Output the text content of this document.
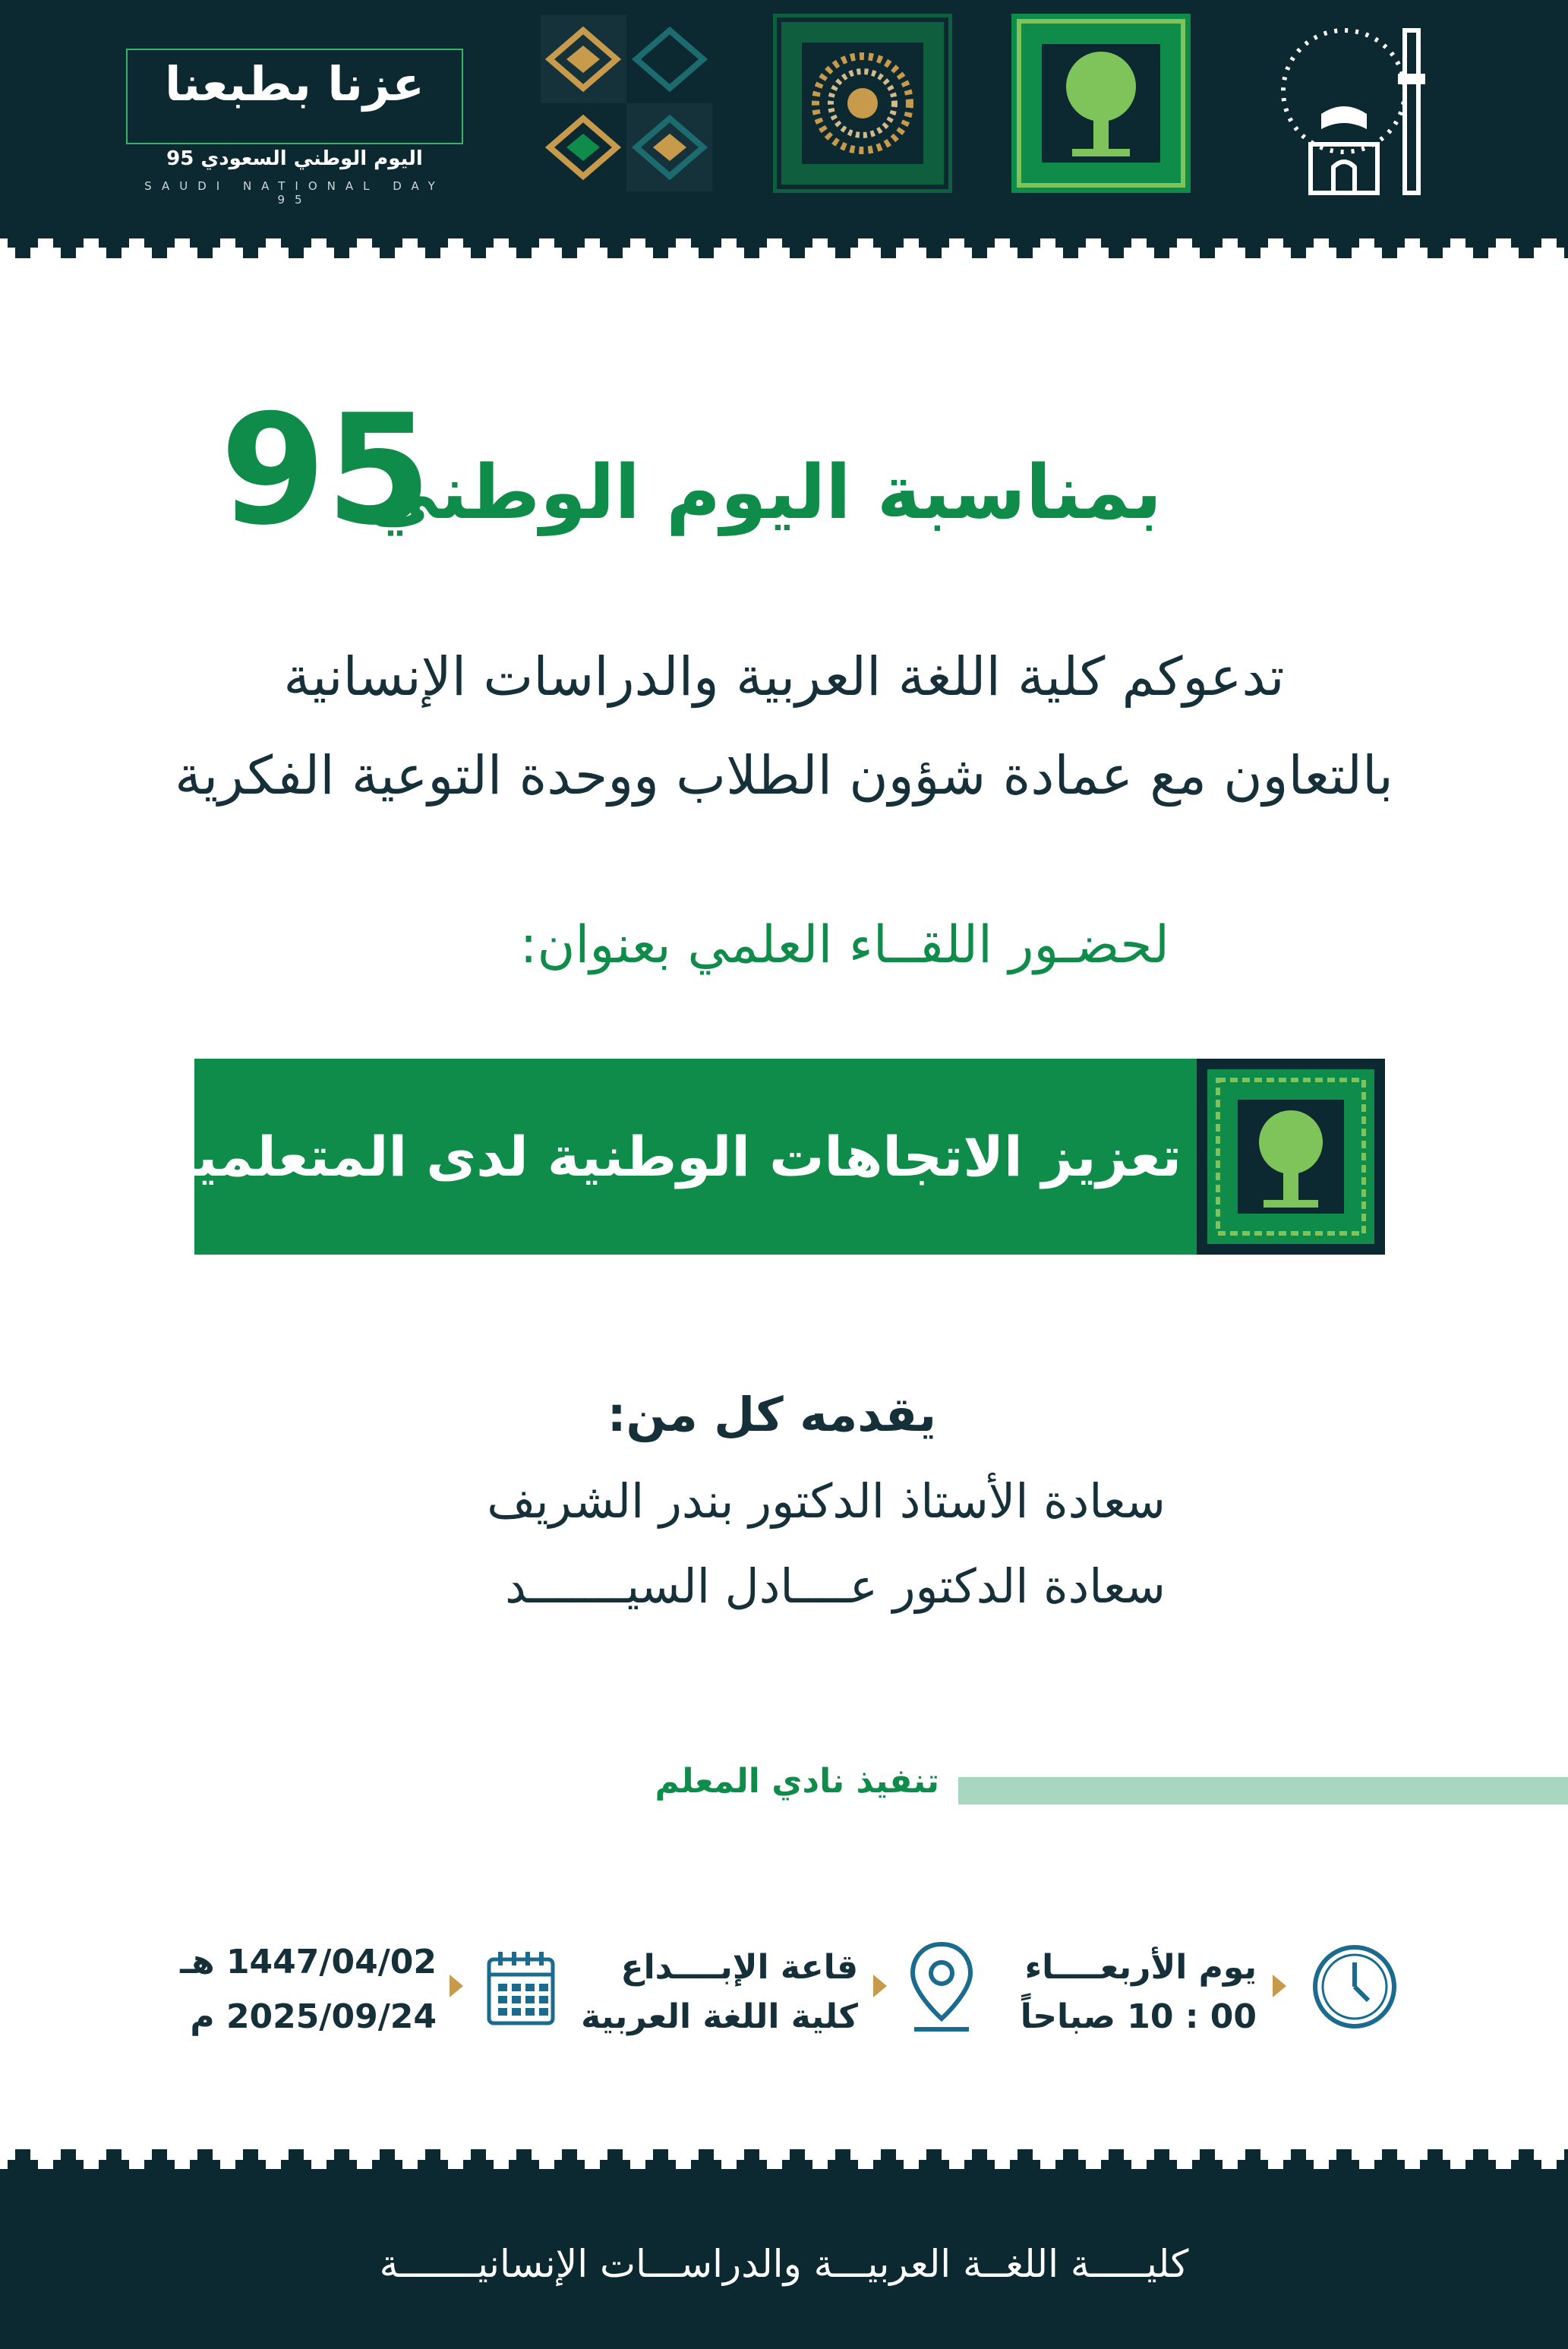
عزنا بطبعنا
اليوم الوطني السعودي 95
SAUDI NATIONAL DAY 95
بمناسبة اليوم الوطني
95
تدعوكم كلية اللغة العربية والدراسات الإنسانية
بالتعاون مع عمادة شؤون الطلاب ووحدة التوعية الفكرية
لحضـور اللقــاء العلمي بعنوان:
تعزيز الاتجاهات الوطنية لدى المتعلمين
يقدمه كل من:
سعادة الأستاذ الدكتور بندر الشريف
سعادة الدكتور عــــادل السيـــــــد
تنفيذ نادي المعلم
يوم الأربعــــاء
00 : 10 صباحاً
قاعة الإبــــداع
كلية اللغة العربية
1447/04/02 هـ
2025/09/24 م
كليـــــة اللغــة العربيـــة والدراســـات الإنسانيـــــــة
